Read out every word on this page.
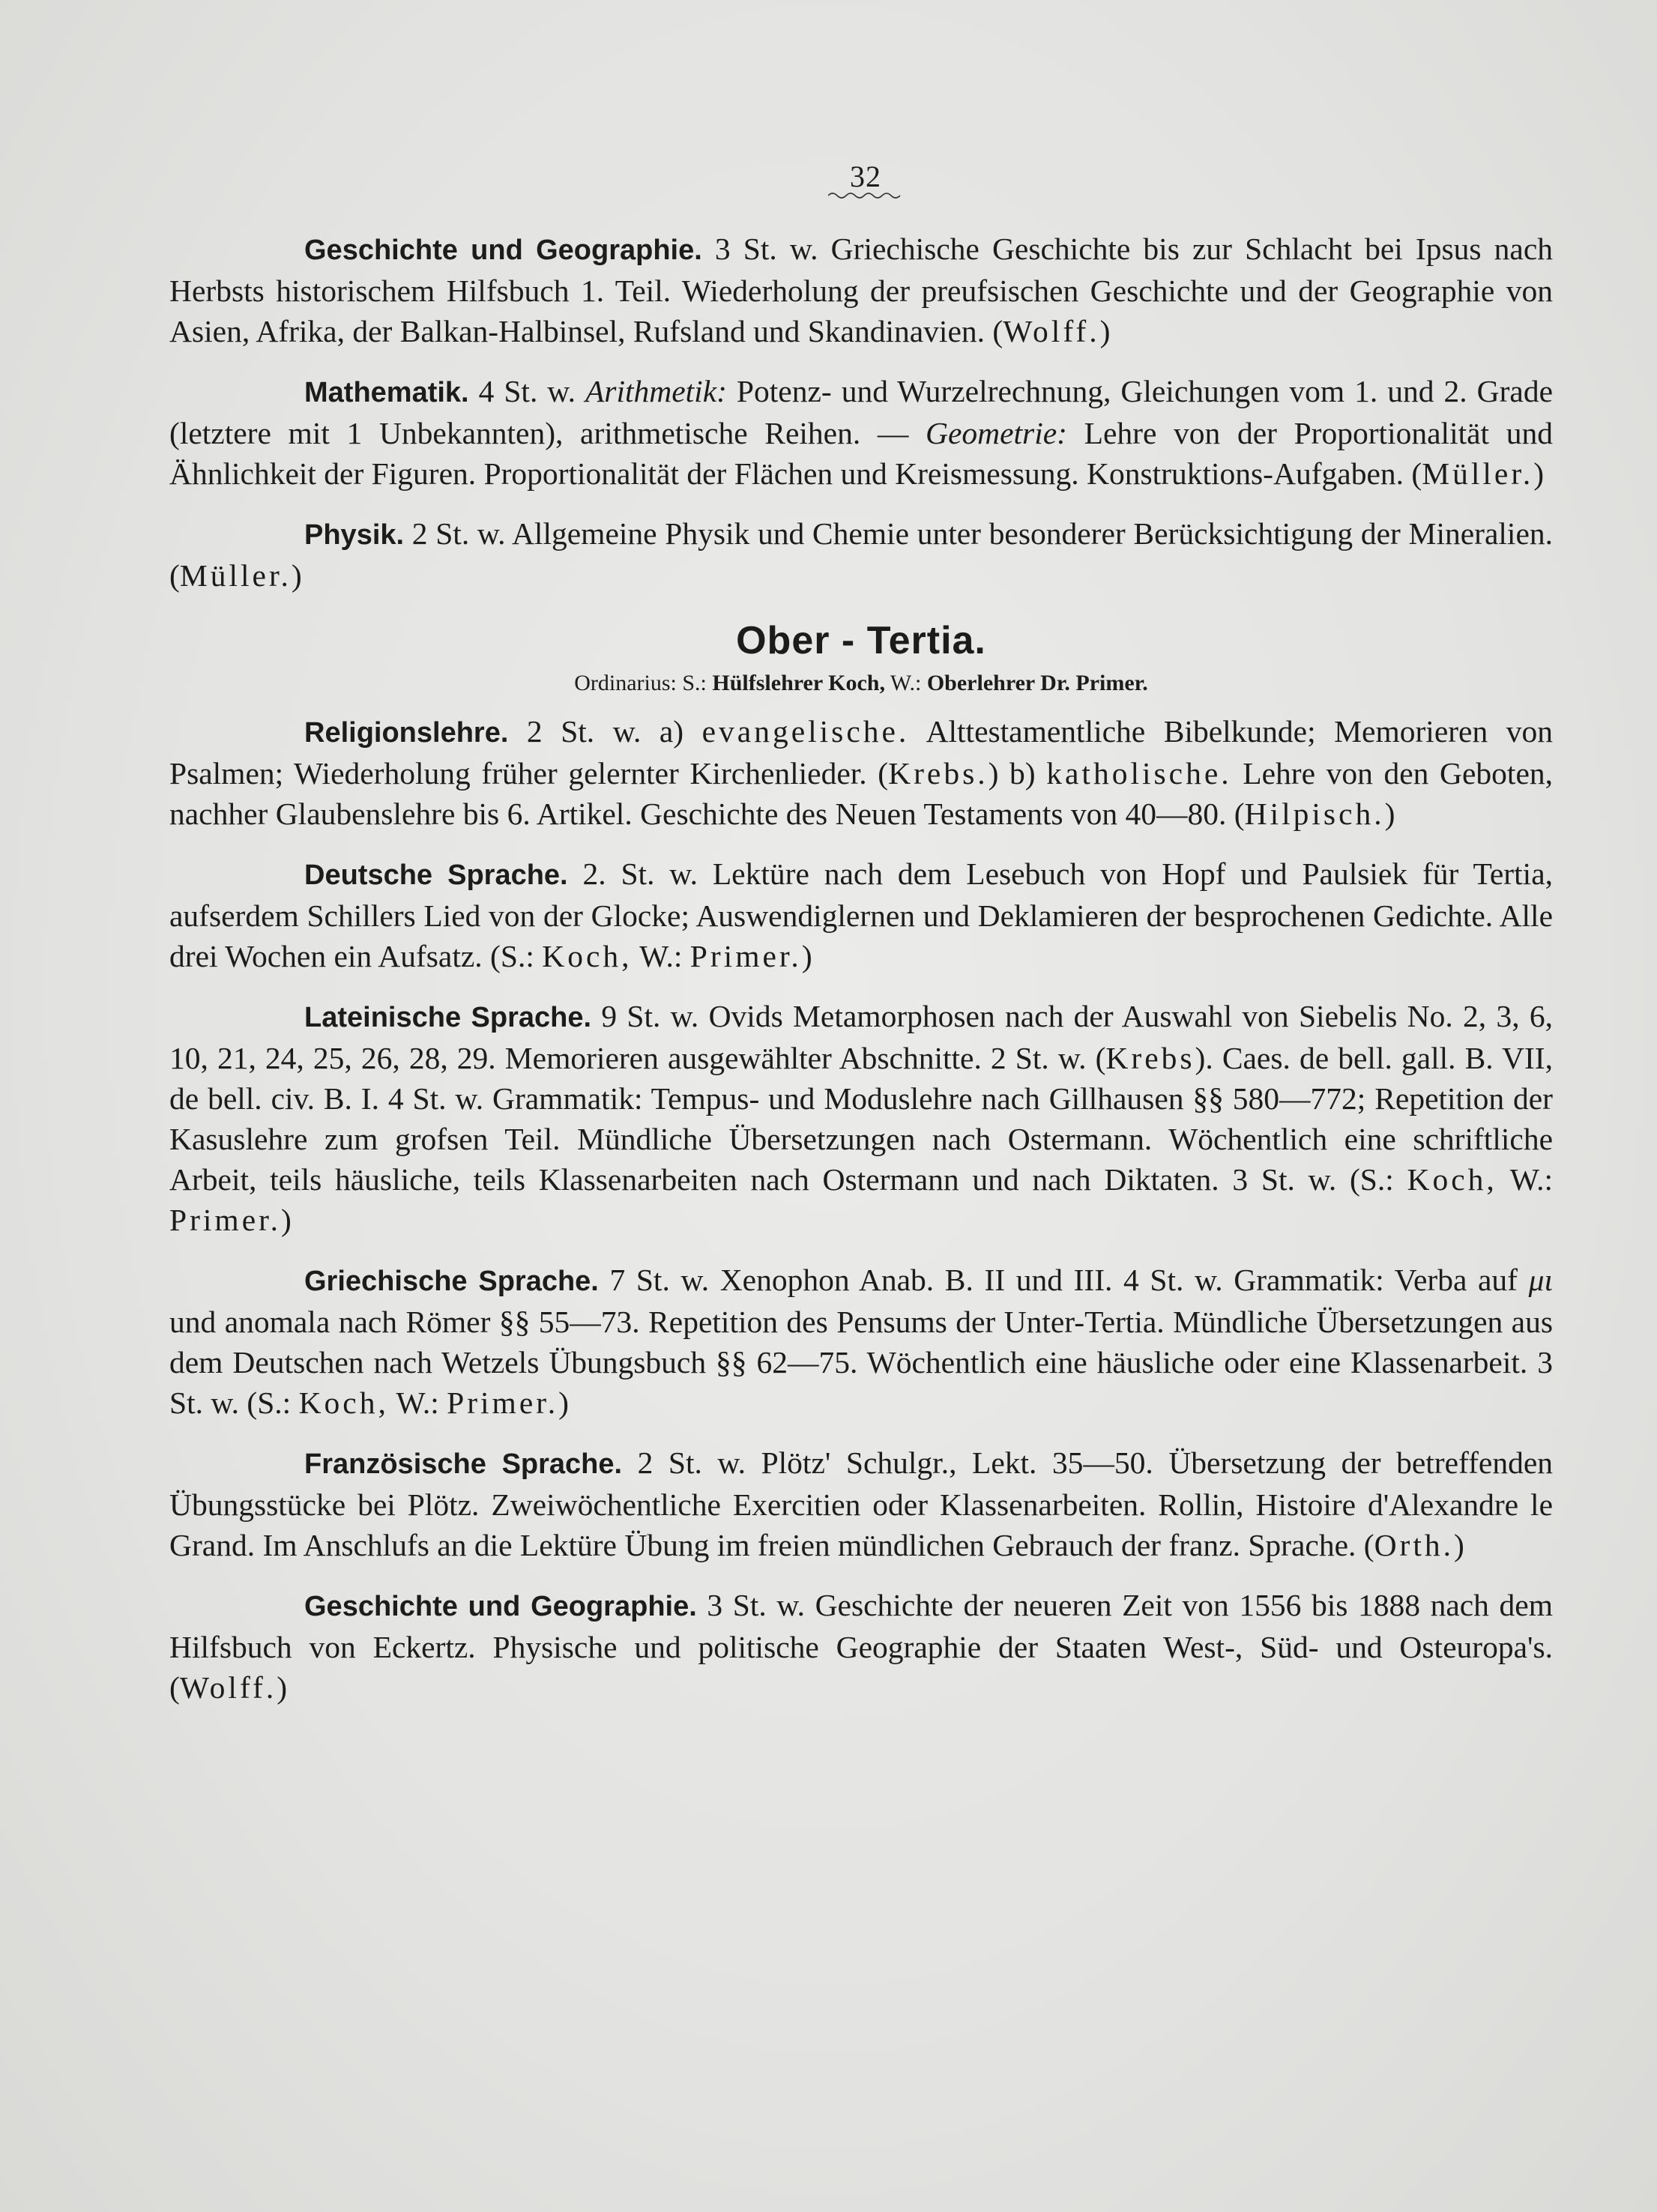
32

Geschichte und Geographie. 3 St. w. Griechische Geschichte bis zur Schlacht bei Ipsus nach Herbsts historischem Hilfsbuch 1. Teil. Wiederholung der preufsischen Geschichte und der Geographie von Asien, Afrika, der Balkan-Halbinsel, Rufsland und Skandinavien. (Wolff.)

Mathematik. 4 St. w. Arithmetik: Potenz- und Wurzelrechnung, Gleichungen vom 1. und 2. Grade (letztere mit 1 Unbekannten), arithmetische Reihen. — Geometrie: Lehre von der Proportionalität und Ähnlichkeit der Figuren. Proportionalität der Flächen und Kreismessung. Konstruktions-Aufgaben. (Müller.)

Physik. 2 St. w. Allgemeine Physik und Chemie unter besonderer Berücksichtigung der Mineralien. (Müller.)

Ober - Tertia.
Ordinarius: S.: Hülfslehrer Koch, W.: Oberlehrer Dr. Primer.

Religionslehre. 2 St. w. a) evangelische. Alttestamentliche Bibelkunde; Memorieren von Psalmen; Wiederholung früher gelernter Kirchenlieder. (Krebs.) b) katholische. Lehre von den Geboten, nachher Glaubenslehre bis 6. Artikel. Geschichte des Neuen Testaments von 40—80. (Hilpisch.)

Deutsche Sprache. 2. St. w. Lektüre nach dem Lesebuch von Hopf und Paulsiek für Tertia, aufserdem Schillers Lied von der Glocke; Auswendiglernen und Deklamieren der besprochenen Gedichte. Alle drei Wochen ein Aufsatz. (S.: Koch, W.: Primer.)

Lateinische Sprache. 9 St. w. Ovids Metamorphosen nach der Auswahl von Siebelis No. 2, 3, 6, 10, 21, 24, 25, 26, 28, 29. Memorieren ausgewählter Abschnitte. 2 St. w. (Krebs). Caes. de bell. gall. B. VII, de bell. civ. B. I. 4 St. w. Grammatik: Tempus- und Moduslehre nach Gillhausen §§ 580—772; Repetition der Kasuslehre zum grofsen Teil. Mündliche Übersetzungen nach Ostermann. Wöchentlich eine schriftliche Arbeit, teils häusliche, teils Klassenarbeiten nach Ostermann und nach Diktaten. 3 St. w. (S.: Koch, W.: Primer.)

Griechische Sprache. 7 St. w. Xenophon Anab. B. II und III. 4 St. w. Grammatik: Verba auf μι und anomala nach Römer §§ 55—73. Repetition des Pensums der Unter-Tertia. Mündliche Übersetzungen aus dem Deutschen nach Wetzels Übungsbuch §§ 62—75. Wöchentlich eine häusliche oder eine Klassenarbeit. 3 St. w. (S.: Koch, W.: Primer.)

Französische Sprache. 2 St. w. Plötz' Schulgr., Lekt. 35—50. Übersetzung der betreffenden Übungsstücke bei Plötz. Zweiwöchentliche Exercitien oder Klassenarbeiten. Rollin, Histoire d'Alexandre le Grand. Im Anschlufs an die Lektüre Übung im freien mündlichen Gebrauch der franz. Sprache. (Orth.)

Geschichte und Geographie. 3 St. w. Geschichte der neueren Zeit von 1556 bis 1888 nach dem Hilfsbuch von Eckertz. Physische und politische Geographie der Staaten West-, Süd- und Osteuropa's. (Wolff.)
